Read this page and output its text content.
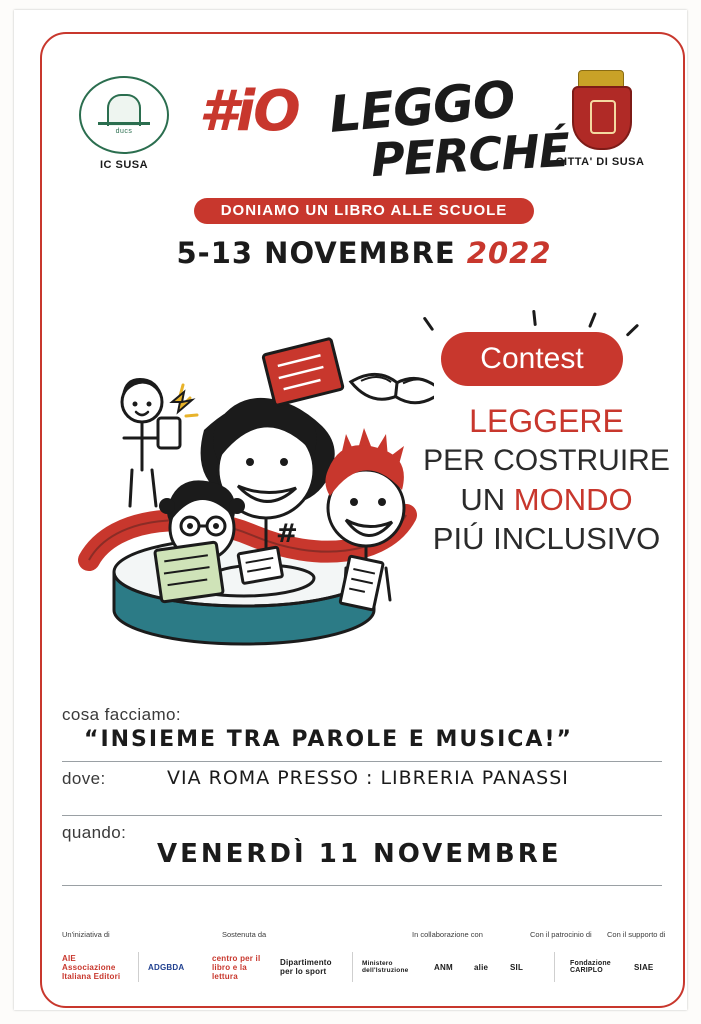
ducs
IC SUSA	CITTA' DI SUSA
#iO LEGGO
PERCHÉ
DONIAMO UN LIBRO ALLE SCUOLE
5-13 NOVEMBRE 2022
#
Contest
LEGGERE
PER COSTRUIRE
UN MONDO
PIÚ INCLUSIVO
cosa facciamo:
“INSIEME TRA PAROLE E MUSICA!”
dove:	VIA ROMA PRESSO : LIBRERIA PANASSI
quando:
VENERDÌ 11 NOVEMBRE
Un'iniziativa di	Sostenuta da	In collaborazione con	Con il patrocinio di Con il supporto di
AIE Associazione Italiana Editori
ADGBDA
centro per il libro e la lettura
Dipartimento per lo sport
Ministero dell'Istruzione	ANM	alie	SIL	Fondazione CARIPLO	SIAE
